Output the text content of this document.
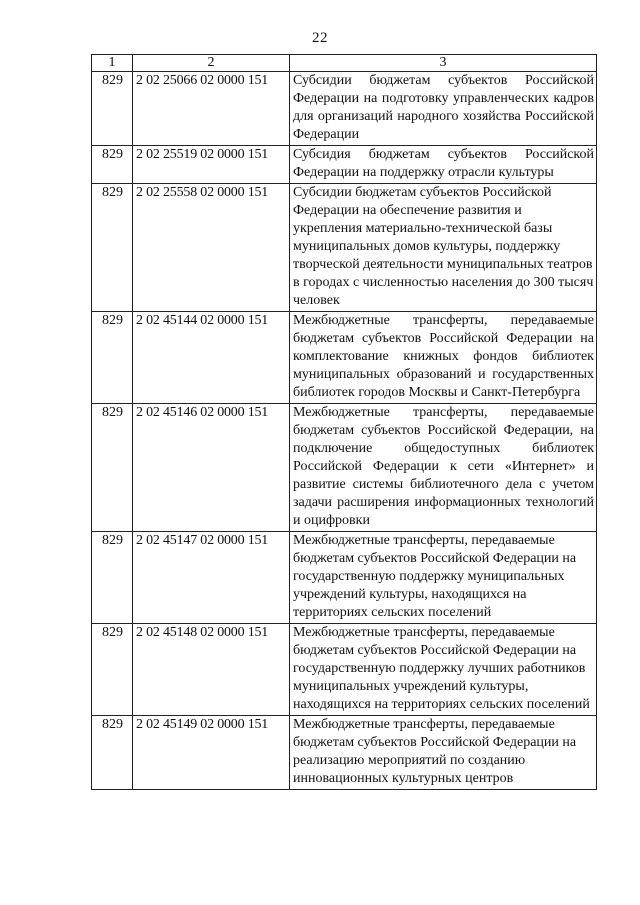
22
1	2	3
829	2 02 25066 02 0000 151	Субсидии бюджетам субъектов Российской Федерации на подготовку управленческих кадров для организаций народного хозяйства Российской Федерации
829	2 02 25519 02 0000 151	Субсидия бюджетам субъектов Российской Федерации на поддержку отрасли культуры
829	2 02 25558 02 0000 151	Субсидии бюджетам субъектов Российской Федерации на обеспечение развития и укрепления материально-технической базы муниципальных домов культуры, поддержку творческой деятельности муниципальных театров в городах с численностью населения до 300 тысяч человек
829	2 02 45144 02 0000 151	Межбюджетные трансферты, передаваемые бюджетам субъектов Российской Федерации на комплектование книжных фондов библиотек муниципальных образований и государственных библиотек городов Москвы и Санкт-Петербурга
829	2 02 45146 02 0000 151	Межбюджетные трансферты, передаваемые бюджетам субъектов Российской Федерации, на подключение общедоступных библиотек Российской Федерации к сети «Интернет» и развитие системы библиотечного дела с учетом задачи расширения информационных технологий и оцифровки
829	2 02 45147 02 0000 151	Межбюджетные трансферты, передаваемые бюджетам субъектов Российской Федерации на государственную поддержку муниципальных учреждений культуры, находящихся на территориях сельских поселений
829	2 02 45148 02 0000 151	Межбюджетные трансферты, передаваемые бюджетам субъектов Российской Федерации на государственную поддержку лучших работников муниципальных учреждений культуры, находящихся на территориях сельских поселений
829	2 02 45149 02 0000 151	Межбюджетные трансферты, передаваемые бюджетам субъектов Российской Федерации на реализацию мероприятий по созданию инновационных культурных центров
